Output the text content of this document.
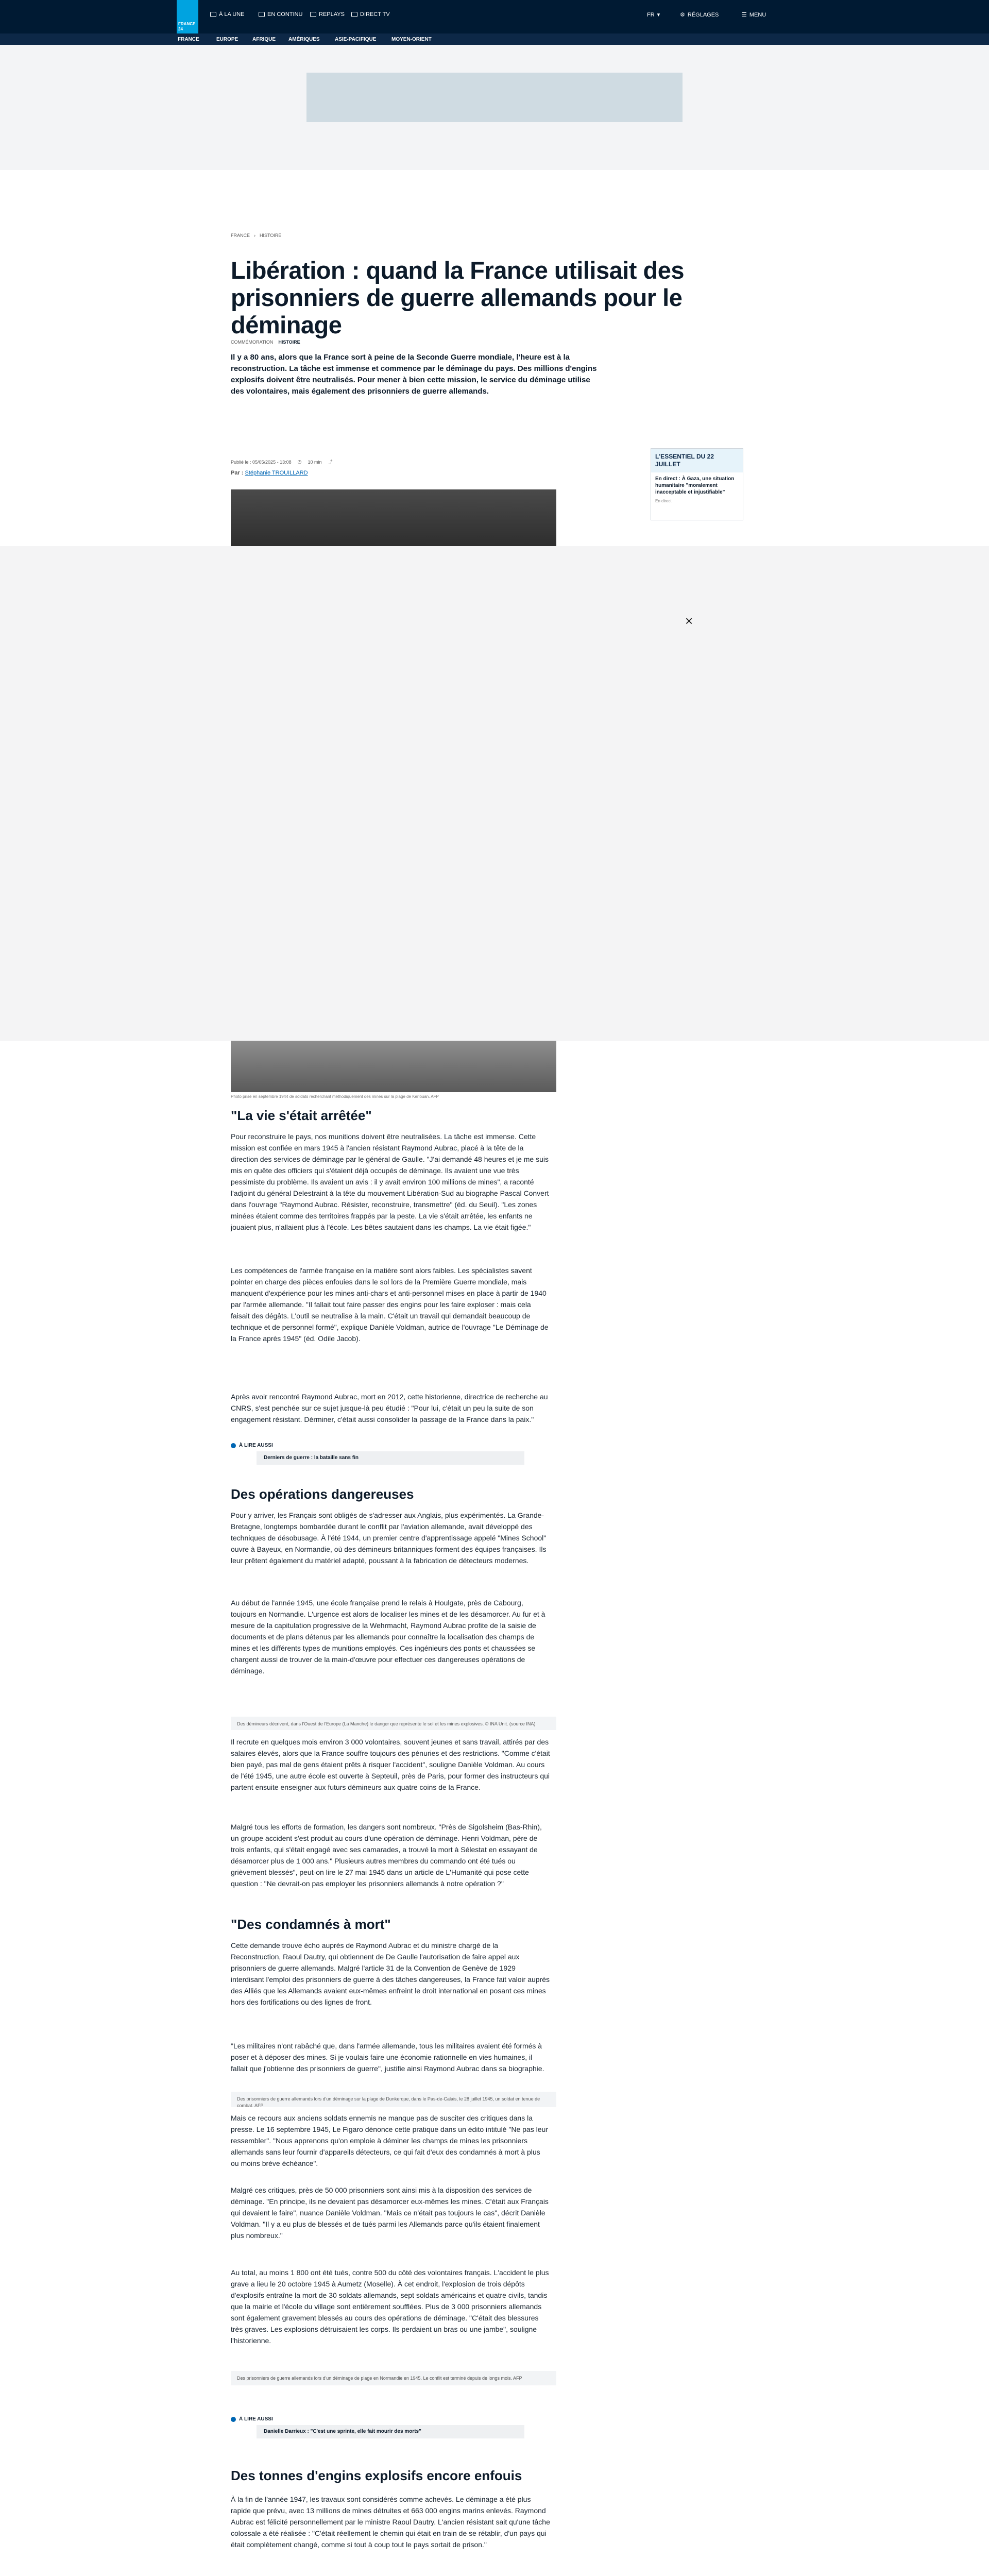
FRANCE 24
À LA UNE	EN CONTINU	REPLAYS	DIRECT TV	FR ▾	⚙ RÉGLAGES	☰ MENU
FRANCE	EUROPE	AFRIQUE	AMÉRIQUES	ASIE-PACIFIQUE	MOYEN-ORIENT
FRANCE › HISTOIRE
Libération : quand la France utilisait des prisonniers de guerre allemands pour le déminage
COMMÉMORATION HISTOIRE

Il y a 80 ans, alors que la France sort à peine de la Seconde Guerre mondiale, l'heure est à la reconstruction. La tâche est immense et commence par le déminage du pays. Des millions d'engins explosifs doivent être neutralisés. Pour mener à bien cette mission, le service du déminage utilise des volontaires, mais également des prisonniers de guerre allemands.

Publié le : 05/05/2025 - 13:08 ◷ 10 min ⤴
Par : Stéphanie TROUILLARD
L'ESSENTIEL DU 22 JUILLET
En direct : À Gaza, une situation humanitaire "moralement inacceptable et injustifiable"
En direct
×
Photo prise en septembre 1944 de soldats recherchant méthodiquement des mines sur la plage de Kerlouan. AFP
"La vie s'était arrêtée"

Pour reconstruire le pays, nos munitions doivent être neutralisées. La tâche est immense. Cette mission est confiée en mars 1945 à l'ancien résistant Raymond Aubrac, placé à la tête de la direction des services de déminage par le général de Gaulle. "J'ai demandé 48 heures et je me suis mis en quête des officiers qui s'étaient déjà occupés de déminage. Ils avaient une vue très pessimiste du problème. Ils avaient un avis : il y avait environ 100 millions de mines", a raconté l'adjoint du général Delestraint à la tête du mouvement Libération-Sud au biographe Pascal Convert dans l'ouvrage "Raymond Aubrac. Résister, reconstruire, transmettre" (éd. du Seuil). "Les zones minées étaient comme des territoires frappés par la peste. La vie s'était arrêtée, les enfants ne jouaient plus, n'allaient plus à l'école. Les bêtes sautaient dans les champs. La vie était figée."

Les compétences de l'armée française en la matière sont alors faibles. Les spécialistes savent pointer en charge des pièces enfouies dans le sol lors de la Première Guerre mondiale, mais manquent d'expérience pour les mines anti-chars et anti-personnel mises en place à partir de 1940 par l'armée allemande. "Il fallait tout faire passer des engins pour les faire exploser : mais cela faisait des dégâts. L'outil se neutralise à la main. C'était un travail qui demandait beaucoup de technique et de personnel formé", explique Danièle Voldman, autrice de l'ouvrage "Le Déminage de la France après 1945" (éd. Odile Jacob).

Après avoir rencontré Raymond Aubrac, mort en 2012, cette historienne, directrice de recherche au CNRS, s'est penchée sur ce sujet jusque-là peu étudié : "Pour lui, c'était un peu la suite de son engagement résistant. Dérminer, c'était aussi consolider la passage de la France dans la paix."

À LIRE AUSSI
Derniers de guerre : la bataille sans fin
Des opérations dangereuses

Pour y arriver, les Français sont obligés de s'adresser aux Anglais, plus expérimentés. La Grande-Bretagne, longtemps bombardée durant le conflit par l'aviation allemande, avait développé des techniques de désobusage. À l'été 1944, un premier centre d'apprentissage appelé "Mines School" ouvre à Bayeux, en Normandie, où des démineurs britanniques forment des équipes françaises. Ils leur prêtent également du matériel adapté, poussant à la fabrication de détecteurs modernes.

Au début de l'année 1945, une école française prend le relais à Houlgate, près de Cabourg, toujours en Normandie. L'urgence est alors de localiser les mines et de les désamorcer. Au fur et à mesure de la capitulation progressive de la Wehrmacht, Raymond Aubrac profite de la saisie de documents et de plans détenus par les allemands pour connaître la localisation des champs de mines et les différents types de munitions employés. Ces ingénieurs des ponts et chaussées se chargent aussi de trouver de la main-d'œuvre pour effectuer ces dangereuses opérations de déminage.

Des démineurs décrivent, dans l'Ouest de l'Europe (La Manche) le danger que représente le sol et les mines explosives. © INA Unit. (source INA)

Il recrute en quelques mois environ 3 000 volontaires, souvent jeunes et sans travail, attirés par des salaires élevés, alors que la France souffre toujours des pénuries et des restrictions. "Comme c'était bien payé, pas mal de gens étaient prêts à risquer l'accident", souligne Danièle Voldman. Au cours de l'été 1945, une autre école est ouverte à Septeuil, près de Paris, pour former des instructeurs qui partent ensuite enseigner aux futurs démineurs aux quatre coins de la France.

Malgré tous les efforts de formation, les dangers sont nombreux. "Près de Sigolsheim (Bas-Rhin), un groupe accident s'est produit au cours d'une opération de déminage. Henri Voldman, père de trois enfants, qui s'était engagé avec ses camarades, a trouvé la mort à Sélestat en essayant de désamorcer plus de 1 000 ans." Plusieurs autres membres du commando ont été tués ou grièvement blessés", peut-on lire le 27 mai 1945 dans un article de L'Humanité qui pose cette question : "Ne devrait-on pas employer les prisonniers allemands à notre opération ?"

"Des condamnés à mort"

Cette demande trouve écho auprès de Raymond Aubrac et du ministre chargé de la Reconstruction, Raoul Dautry, qui obtiennent de De Gaulle l'autorisation de faire appel aux prisonniers de guerre allemands. Malgré l'article 31 de la Convention de Genève de 1929 interdisant l'emploi des prisonniers de guerre à des tâches dangereuses, la France fait valoir auprès des Alliés que les Allemands avaient eux-mêmes enfreint le droit international en posant ces mines hors des fortifications ou des lignes de front.

"Les militaires n'ont rabâché que, dans l'armée allemande, tous les militaires avaient été formés à poser et à déposer des mines. Si je voulais faire une économie rationnelle en vies humaines, il fallait que j'obtienne des prisonniers de guerre", justifie ainsi Raymond Aubrac dans sa biographie.

Des prisonniers de guerre allemands lors d'un déminage sur la plage de Dunkerque, dans le Pas-de-Calais, le 28 juillet 1945, un soldat en tenue de combat. AFP

Mais ce recours aux anciens soldats ennemis ne manque pas de susciter des critiques dans la presse. Le 16 septembre 1945, Le Figaro dénonce cette pratique dans un édito intitulé "Ne pas leur ressembler". "Nous apprenons qu'on emploie à déminer les champs de mines les prisonniers allemands sans leur fournir d'appareils détecteurs, ce qui fait d'eux des condamnés à mort à plus ou moins brève échéance".

Malgré ces critiques, près de 50 000 prisonniers sont ainsi mis à la disposition des services de déminage. "En principe, ils ne devaient pas désamorcer eux-mêmes les mines. C'était aux Français qui devaient le faire", nuance Danièle Voldman. "Mais ce n'était pas toujours le cas", décrit Danièle Voldman. "Il y a eu plus de blessés et de tués parmi les Allemands parce qu'ils étaient finalement plus nombreux."

Au total, au moins 1 800 ont été tués, contre 500 du côté des volontaires français. L'accident le plus grave a lieu le 20 octobre 1945 à Aumetz (Moselle). À cet endroit, l'explosion de trois dépôts d'explosifs entraîne la mort de 30 soldats allemands, sept soldats américains et quatre civils, tandis que la mairie et l'école du village sont entièrement soufflées. Plus de 3 000 prisonniers allemands sont également gravement blessés au cours des opérations de déminage. "C'était des blessures très graves. Les explosions détruisaient les corps. Ils perdaient un bras ou une jambe", souligne l'historienne.

Des prisonniers de guerre allemands lors d'un déminage de plage en Normandie en 1945. Le conflit est terminé depuis de longs mois. AFP
À LIRE AUSSI
Danielle Darrieux : "C'est une sprinte, elle fait mourir des morts"
Des tonnes d'engins explosifs encore enfouis

À la fin de l'année 1947, les travaux sont considérés comme achevés. Le déminage a été plus rapide que prévu, avec 13 millions de mines détruites et 663 000 engins marins enlevés. Raymond Aubrac est félicité personnellement par le ministre Raoul Dautry. L'ancien résistant sait qu'une tâche colossale a été réalisée : "C'était réellement le chemin qui était en train de se rétablir, d'un pays qui était complètement changé, comme si tout à coup tout le pays sortait de prison."
